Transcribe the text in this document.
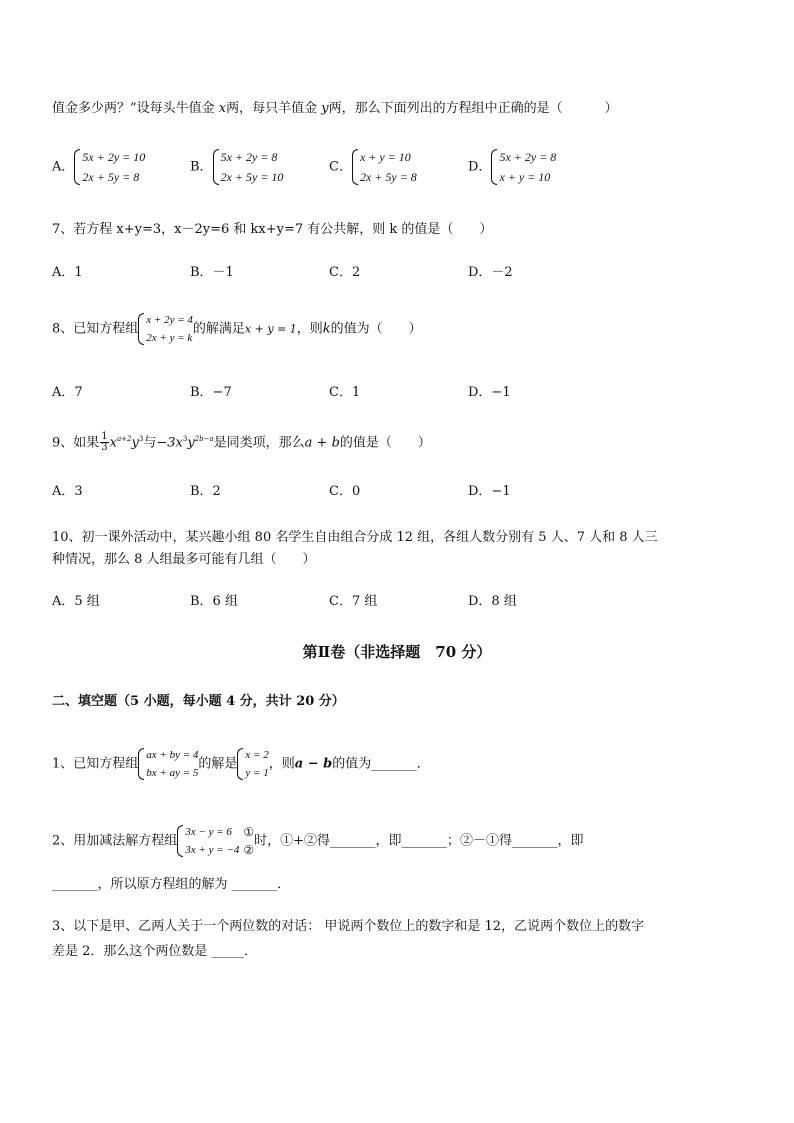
值金多少两？”设每头牛值金 x两，每只羊值金 y两，那么下面列出的方程组中正确的是（	）
A．
5x + 2y = 10
2x + 5y = 8
B．
5x + 2y = 8
2x + 5y = 10
C．
x + y = 10
2x + 5y = 8
D．
5x + 2y = 8
x + y = 10
7、若方程 x+y=3，x－2y=6 和 kx+y=7 有公共解，则 k 的值是（　　）
A．1	B．－1	C．2	D．－2
8、已知方程组
x + 2y = 4
2x + y = k
的解满足x + y = 1，则k的值为（　　）
A．7	B．−7	C．1	D．−1
9、如果 $\frac{1}{3} x^{a+2}y^3$与$-3x^3y^{2b-a}$是同类项，那么a + b的值是（　　）
A．3	B．2	C．0	D．−1
10、初一课外活动中，某兴趣小组 80 名学生自由组合分成 12 组，各组人数分别有 5 人、7 人和 8 人三
种情况，那么 8 人组最多可能有几组（　　）
A．5 组	B．6 组	C．7 组	D．8 组
第Ⅱ卷（非选择题　70 分）
二、填空题（5 小题，每小题 4 分，共计 20 分）
1、已知方程组
ax + by = 4
bx + ay = 5
的解是
x = 2
y = 1
，则a − b的值为_______．
2、用加减法解方程组
3x − y = 6
3x + y = −4
①
②
时，①+②得_______，即_______；②－①得_______，即
_______，所以原方程组的解为 _______．
3、以下是甲、乙两人关于一个两位数的对话： 甲说两个数位上的数字和是 12，乙说两个数位上的数字
差是 2．那么这个两位数是 _____．
